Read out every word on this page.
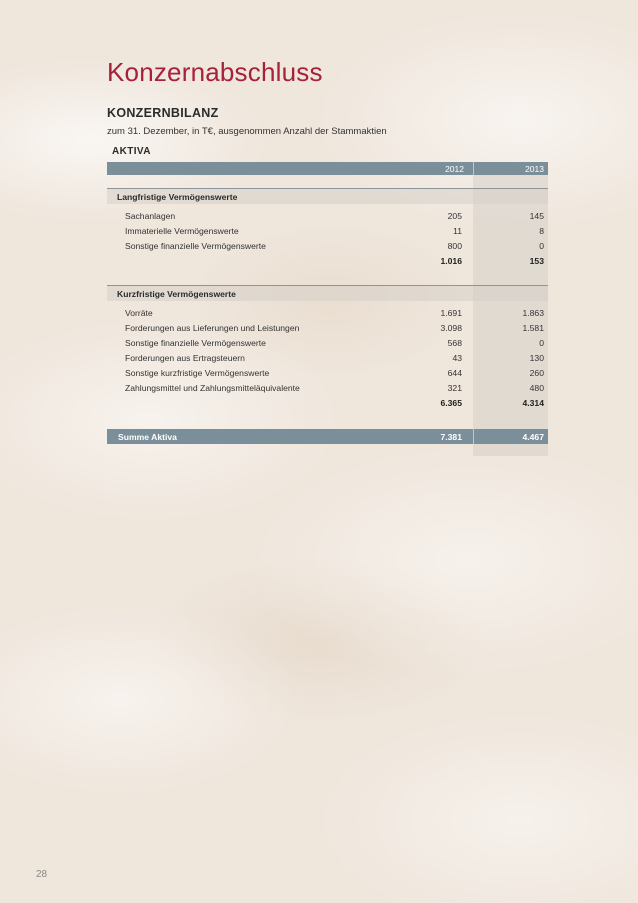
Konzernabschluss
KONZERNBILANZ

zum 31. Dezember, in T€, ausgenommen Anzahl der Stammaktien

AKTIVA

2012	2013
Langfristige Vermögenswerte
Sachanlagen	205	145
Immaterielle Vermögenswerte	11	8
Sonstige finanzielle Vermögenswerte	800	0
1.016	153
Kurzfristige Vermögenswerte
Vorräte	1.691	1.863
Forderungen aus Lieferungen und Leistungen	3.098	1.581
Sonstige finanzielle Vermögenswerte	568	0
Forderungen aus Ertragsteuern	43	130
Sonstige kurzfristige Vermögenswerte	644	260
Zahlungsmittel und Zahlungsmitteläquivalente	321	480
6.365	4.314
Summe Aktiva	7.381	4.467
28
